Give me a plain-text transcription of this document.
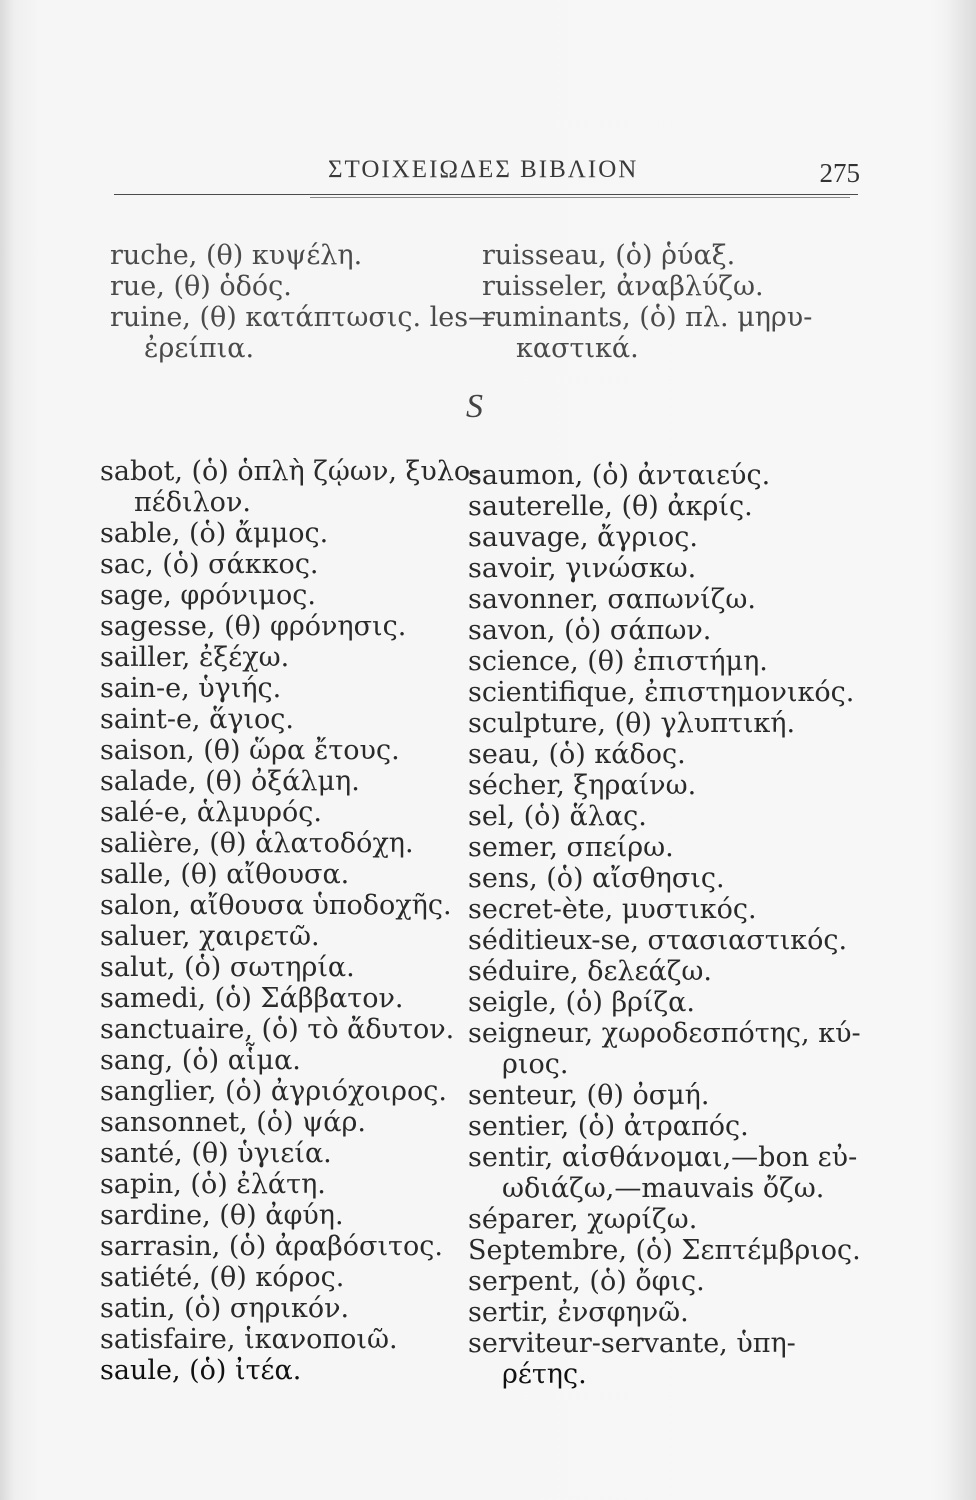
ΣΤΟΙΧΕΙΩΔΕΣ ΒΙΒΛΙΟΝ	275
ruche, (θ) κυψέλη.
rue, (θ) ὁδός.
ruine, (θ) κατάπτωσις. les—
ἐρείπια.
ruisseau, (ὁ) ῥύαξ.
ruisseler, ἀναβλύζω.
ruminants, (ὁ) πλ. μηρυ-
καστικά.
S
sabot, (ὁ) ὁπλὴ ζῴων, ξυλο-
πέδιλον.
sable, (ὁ) ἄμμος.
sac, (ὁ) σάκκος.
sage, φρόνιμος.
sagesse, (θ) φρόνησις.
sailler, ἐξέχω.
sain-e, ὑγιής.
saint-e, ἅγιος.
saison, (θ) ὥρα ἔτους.
salade, (θ) ὀξάλμη.
salé-e, ἁλμυρός.
salière, (θ) ἁλατοδόχη.
salle, (θ) αἴθουσα.
salon, αἴθουσα ὑποδοχῆς.
saluer, χαιρετῶ.
salut, (ὁ) σωτηρία.
samedi, (ὁ) Σάββατον.
sanctuaire, (ὁ) τὸ ἄδυτον.
sang, (ὁ) αἷμα.
sanglier, (ὁ) ἀγριόχοιρος.
sansonnet, (ὁ) ψάρ.
santé, (θ) ὑγιεία.
sapin, (ὁ) ἐλάτη.
sardine, (θ) ἀφύη.
sarrasin, (ὁ) ἀραβόσιτος.
satiété, (θ) κόρος.
satin, (ὁ) σηρικόν.
satisfaire, ἱκανοποιῶ.
saule, (ὁ) ἰτέα.
saumon, (ὁ) ἀνταιεύς.
sauterelle, (θ) ἀκρίς.
sauvage, ἄγριος.
savoir, γινώσκω.
savonner, σαπωνίζω.
savon, (ὁ) σάπων.
science, (θ) ἐπιστήμη.
scientifique, ἐπιστημονικός.
sculpture, (θ) γλυπτική.
seau, (ὁ) κάδος.
sécher, ξηραίνω.
sel, (ὁ) ἅλας.
semer, σπείρω.
sens, (ὁ) αἴσθησις.
secret-ète, μυστικός.
séditieux-se, στασιαστικός.
séduire, δελεάζω.
seigle, (ὁ) βρίζα.
seigneur, χωροδεσπότης, κύ-
ριος.
senteur, (θ) ὀσμή.
sentier, (ὁ) ἀτραπός.
sentir, αἰσθάνομαι,—bon εὐ-
ωδιάζω,—mauvais ὄζω.
séparer, χωρίζω.
Septembre, (ὁ) Σεπτέμβριος.
serpent, (ὁ) ὄφις.
sertir, ἐνσφηνῶ.
serviteur-servante, ὑπη-
ρέτης.
